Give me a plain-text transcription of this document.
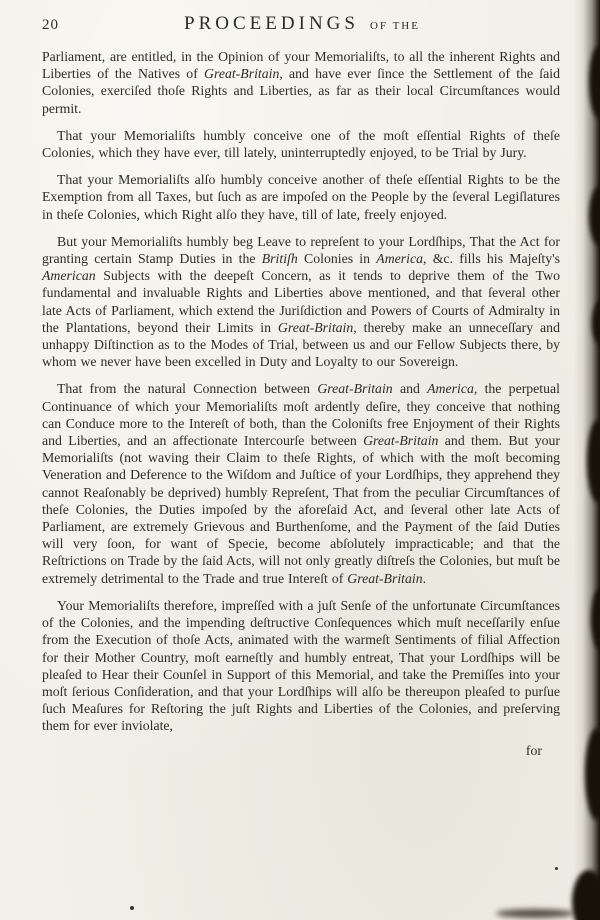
20	PROCEEDINGS OF THE

Parliament, are entitled, in the Opinion of your Memorialiſts, to all the inherent Rights and Liberties of the Natives of Great-Britain, and have ever ſince the Settlement of the ſaid Colonies, exerciſed thoſe Rights and Liberties, as far as their local Circumſtances would permit.

That your Memorialiſts humbly conceive one of the moſt eſſential Rights of theſe Colonies, which they have ever, till lately, uninterruptedly enjoyed, to be Trial by Jury.

That your Memorialiſts alſo humbly conceive another of theſe eſſential Rights to be the Exemption from all Taxes, but ſuch as are impoſed on the People by the ſeveral Legiſlatures in theſe Colonies, which Right alſo they have, till of late, freely enjoyed.

But your Memorialiſts humbly beg Leave to repreſent to your Lordſhips, That the Act for granting certain Stamp Duties in the Britiſh Colonies in America, &c. fills his Majeſty's American Subjects with the deepeſt Concern, as it tends to deprive them of the Two fundamental and invaluable Rights and Liberties above mentioned, and that ſeveral other late Acts of Parliament, which extend the Juriſdiction and Powers of Courts of Admiralty in the Plantations, beyond their Limits in Great-Britain, thereby make an unneceſſary and unhappy Diſtinction as to the Modes of Trial, between us and our Fellow Subjects there, by whom we never have been excelled in Duty and Loyalty to our Sovereign.

That from the natural Connection between Great-Britain and America, the perpetual Continuance of which your Memorialiſts moſt ardently deſire, they conceive that nothing can Conduce more to the Intereſt of both, than the Coloniſts free Enjoyment of their Rights and Liberties, and an affectionate Intercourſe between Great-Britain and them. But your Memorialiſts (not waving their Claim to theſe Rights, of which with the moſt becoming Veneration and Deference to the Wiſdom and Juſtice of your Lordſhips, they apprehend they cannot Reaſonably be deprived) humbly Repreſent, That from the peculiar Circumſtances of theſe Colonies, the Duties impoſed by the aforeſaid Act, and ſeveral other late Acts of Parliament, are extremely Grievous and Burthenſome, and the Payment of the ſaid Duties will very ſoon, for want of Specie, become abſolutely impracticable; and that the Reſtrictions on Trade by the ſaid Acts, will not only greatly diſtreſs the Colonies, but muſt be extremely detrimental to the Trade and true Intereſt of Great-Britain.

Your Memorialiſts therefore, impreſſed with a juſt Senſe of the unfortunate Circumſtances of the Colonies, and the impending deſtructive Conſequences which muſt neceſſarily enſue from the Execution of thoſe Acts, animated with the warmeſt Sentiments of filial Affection for their Mother Country, moſt earneſtly and humbly entreat, That your Lordſhips will be pleaſed to Hear their Counſel in Support of this Memorial, and take the Premiſſes into your moſt ſerious Conſideration, and that your Lordſhips will alſo be thereupon pleaſed to purſue ſuch Meaſures for Reſtoring the juſt Rights and Liberties of the Colonies, and preſerving them for ever inviolate,

for
